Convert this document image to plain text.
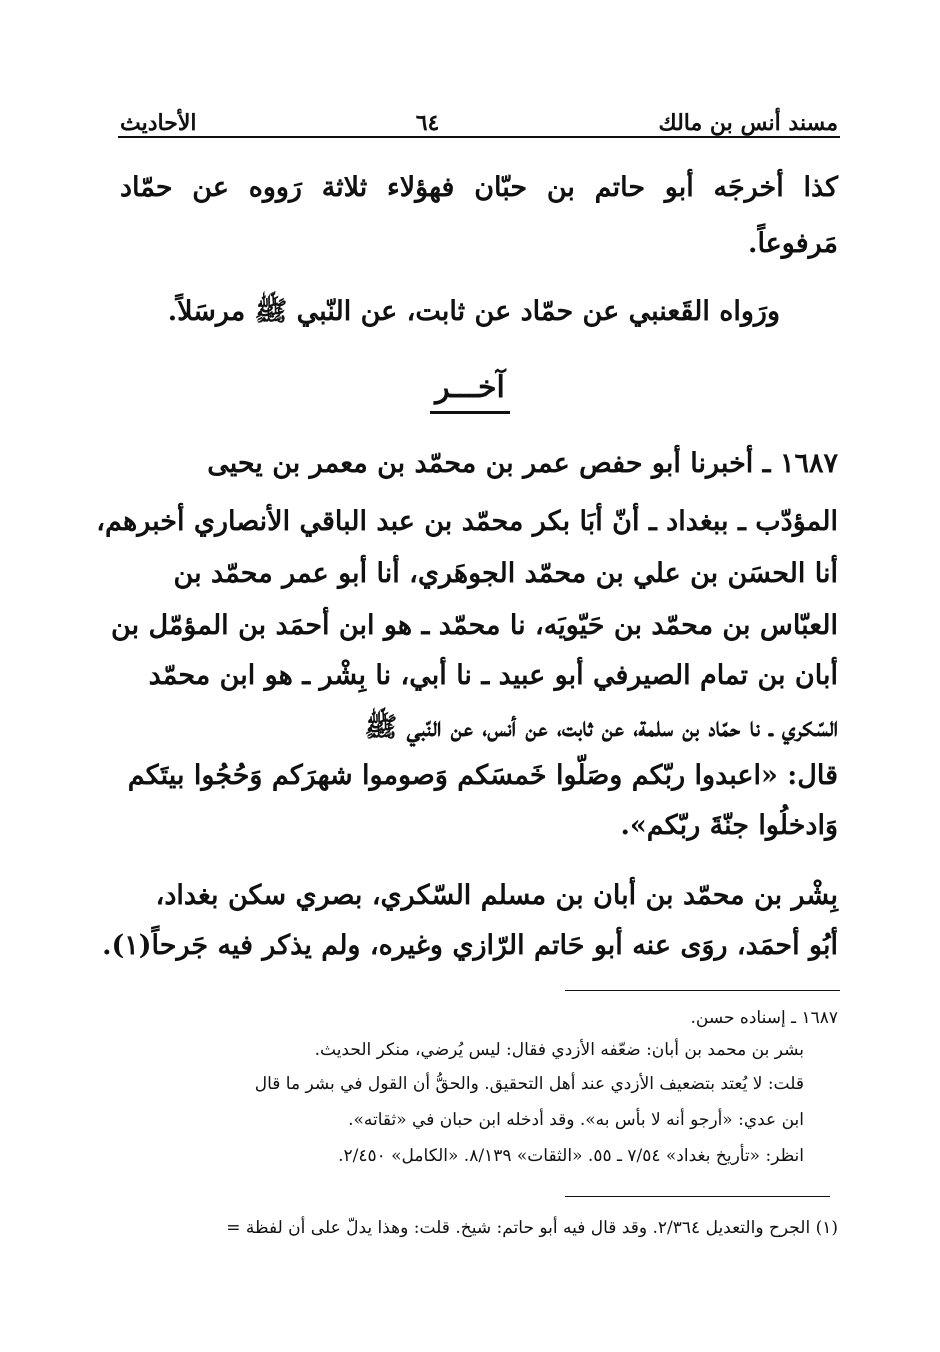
مسند أنس بن مالك
٦٤
الأحاديث
كذا أخرجَه أبو حاتم بن حبّان فهؤلاء ثلاثة رَووه عن حمّاد
مَرفوعاً.
ورَواه القَعنبي عن حمّاد عن ثابت، عن النّبي ﷺ مرسَلاً.
آخـــر
١٦٨٧ ـ أخبرنا أبو حفص عمر بن محمّد بن معمر بن يحيى
المؤدّب ـ ببغداد ـ أنّ أبَا بكر محمّد بن عبد الباقي الأنصاري أخبرهم،
أنا الحسَن بن علي بن محمّد الجوهَري، أنا أبو عمر محمّد بن
العبّاس بن محمّد بن حَيّويَه، نا محمّد ـ هو ابن أحمَد بن المؤمّل بن
أبان بن تمام الصيرفي أبو عبيد ـ نا أبي، نا بِشْر ـ هو ابن محمّد
السّكري ـ نا حمّاد بن سلمة، عن ثابت، عن أنس، عن النّبي ﷺ
قال: «اعبدوا ربّكم وصَلّوا خَمسَكم وَصوموا شهرَكم وَحُجُوا بيتَكم
وَادخلُوا جنّةَ ربّكم».
بِشْر بن محمّد بن أبان بن مسلم السّكري، بصري سكن بغداد،
أبُو أحمَد، روَى عنه أبو حَاتم الرّازي وغيره، ولم يذكر فيه جَرحاً(١).
١٦٨٧ ـ إسناده حسن.
بشر بن محمد بن أبان: ضعّفه الأزدي فقال: ليس يُرضي، منكر الحديث.
قلت: لا يُعتد بتضعيف الأزدي عند أهل التحقيق. والحقُّ أن القول في بشر ما قال
ابن عدي: «أرجو أنه لا بأس به». وقد أدخله ابن حبان في «ثقاته».
انظر: «تأريخ بغداد» ٧/٥٤ ـ ٥٥. «الثقات» ٨/١٣٩. «الكامل» ٢/٤٥٠.
(١) الجرح والتعديل ٢/٣٦٤. وقد قال فيه أبو حاتم: شيخ. قلت: وهذا يدلّ على أن لفظة =
